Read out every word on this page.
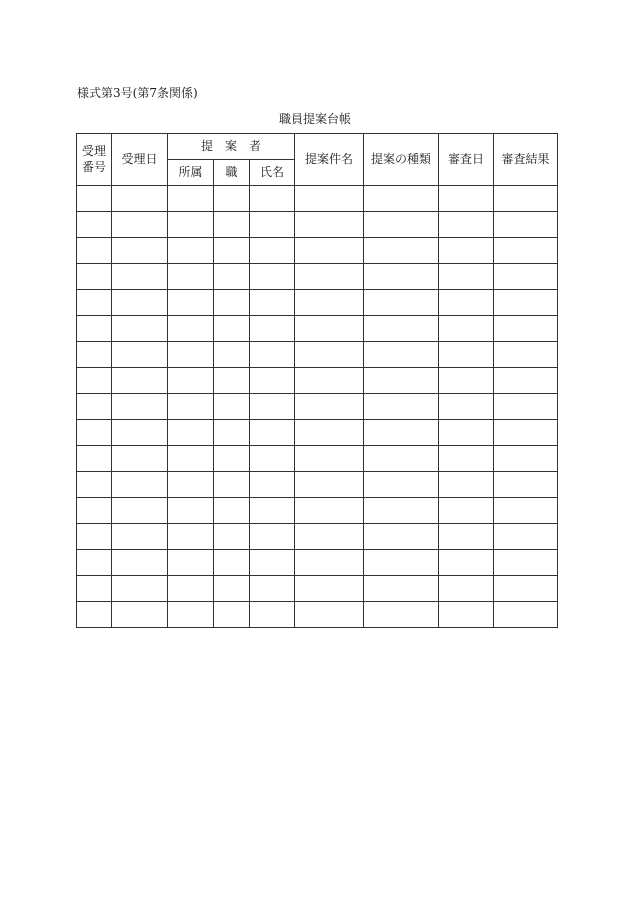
様式第3号(第7条関係)
職員提案台帳
受理
番号	受理日	提　案　者			提案件名	提案の種類	審査日	審査結果
		所属	職	氏名				
